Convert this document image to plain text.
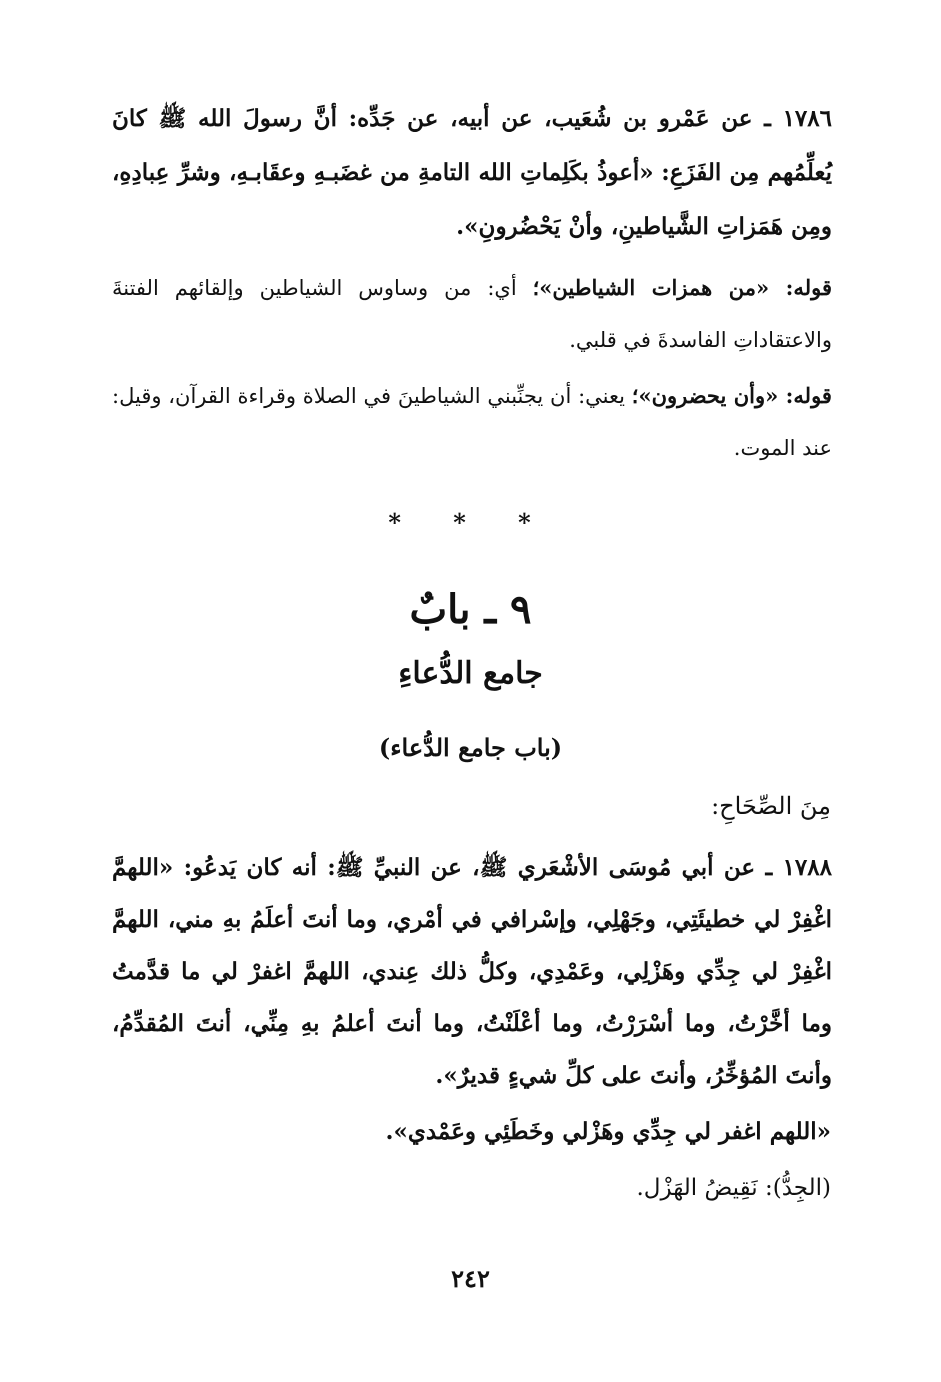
١٧٨٦ ـ عن عَمْرو بن شُعَيب، عن أبيه، عن جَدِّه: أنَّ رسولَ الله ﷺ كانَ يُعلِّمُهم مِن الفَزَعِ: «أعوذُ بكَلِماتِ الله التامةِ من غضَبـهِ وعقَابـهِ، وشرِّ عِبادِهِ، ومِن هَمَزاتِ الشَّياطينِ، وأنْ يَحْضُرونِ».
قوله: «من همزات الشياطين»؛ أي: من وساوس الشياطين وإلقائهم الفتنةَ والاعتقاداتِ الفاسدةَ في قلبي.
قوله: «وأن يحضرون»؛ يعني: أن يجنِّبني الشياطينَ في الصلاة وقراءة القرآن، وقيل: عند الموت.
* * *
٩ ـ بابٌ
جامع الدُّعاءِ
(باب جامع الدُّعاء)
مِنَ الصِّحَاحِ:
١٧٨٨ ـ عن أبي مُوسَى الأشْعَري ﷺ، عن النبيِّ ﷺ: أنه كان يَدعُو: «اللهمَّ اغْفِرْ لي خطيئَتِي، وجَهْلِي، وإسْرافي في أمْري، وما أنتَ أعلَمُ بهِ مني، اللهمَّ اغْفِرْ لي جِدِّي وهَزْلِي، وعَمْدِي، وكلُّ ذلك عِندي، اللهمَّ اغفرْ لي ما قدَّمتُ وما أخَّرْتُ، وما أسْرَرْتُ، وما أعْلَنْتُ، وما أنتَ أعلمُ بهِ مِنِّي، أنتَ المُقدِّمُ، وأنتَ المُؤخِّرُ، وأنتَ على كلِّ شيءٍ قديرٌ».
«اللهم اغفر لي جِدِّي وهَزْلي وخَطَئِي وعَمْدي».
(الجِدُّ): نَقِيضُ الهَزْل.
٢٤٢
